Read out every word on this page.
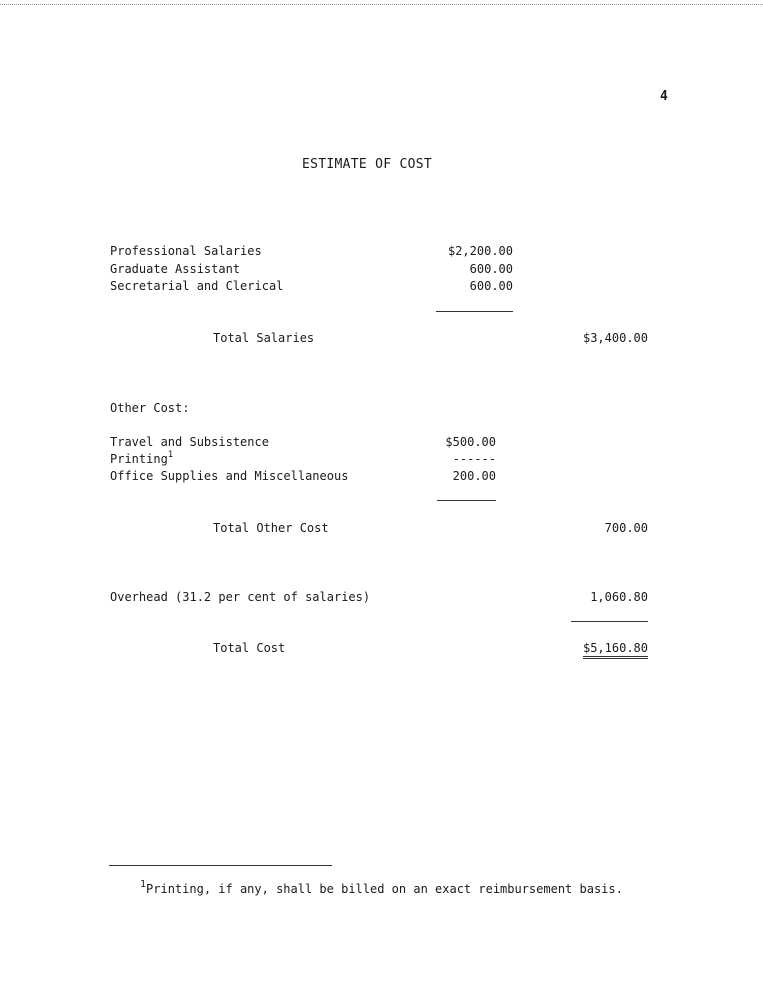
4
ESTIMATE OF COST
Professional Salaries	$2,200.00
Graduate Assistant	600.00
Secretarial and Clerical	600.00
Total Salaries	$3,400.00
Other Cost:
Travel and Subsistence	$500.00
Printing$^1$	------
Office Supplies and Miscellaneous	200.00
Total Other Cost	700.00
Overhead (31.2 per cent of salaries)	1,060.80
Total Cost	$5,160.80
$^1$Printing, if any, shall be billed on an exact reimbursement basis.
